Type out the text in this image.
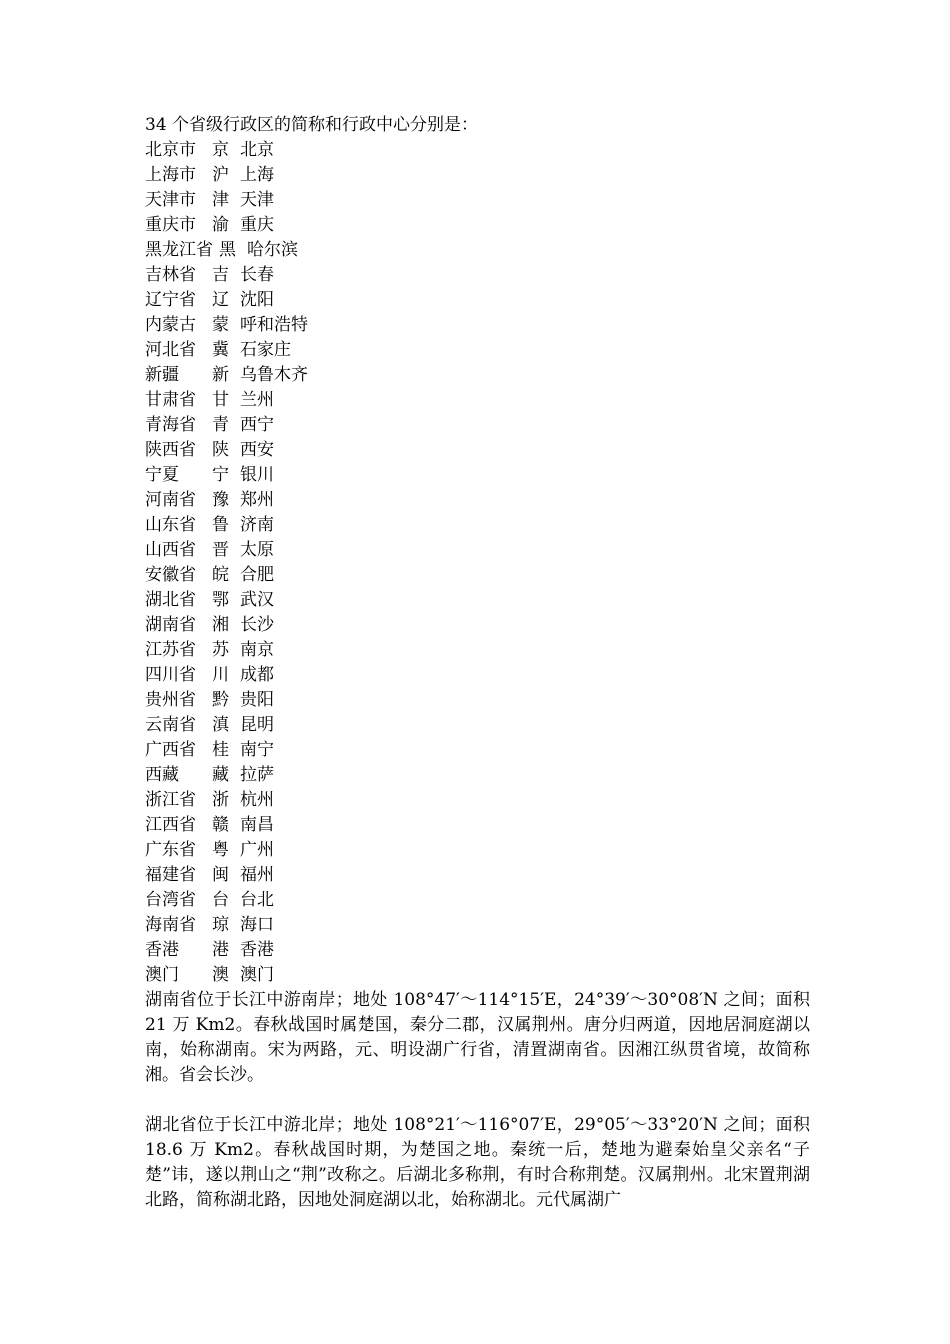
34 个省级行政区的简称和行政中心分别是：

北京市 京 北京
上海市 沪 上海
天津市 津 天津
重庆市 渝 重庆
黑龙江省 黑 哈尔滨
吉林省 吉 长春
辽宁省 辽 沈阳
内蒙古 蒙 呼和浩特
河北省 冀 石家庄
新疆	新 乌鲁木齐
甘肃省 甘 兰州
青海省 青 西宁
陕西省 陕 西安
宁夏	宁 银川
河南省 豫 郑州
山东省 鲁 济南
山西省 晋 太原
安徽省 皖 合肥
湖北省 鄂 武汉
湖南省 湘 长沙
江苏省 苏 南京
四川省 川 成都
贵州省 黔 贵阳
云南省 滇 昆明
广西省 桂 南宁
西藏	藏 拉萨
浙江省 浙 杭州
江西省 赣 南昌
广东省 粤 广州
福建省 闽 福州
台湾省 台 台北
海南省 琼 海口
香港	港 香港
澳门	澳 澳门

湖南省位于长江中游南岸；地处 108°47′～114°15′E，24°39′～30°08′N 之间；面积 21 万 Km2。春秋战国时属楚国，秦分二郡，汉属荆州。唐分归两道，因地居洞庭湖以南，始称湖南。宋为两路，元、明设湖广行省，清置湖南省。因湘江纵贯省境，故简称湘。省会长沙。

湖北省位于长江中游北岸；地处 108°21′～116°07′E，29°05′～33°20′N 之间；面积 18.6 万 Km2。春秋战国时期，为楚国之地。秦统一后，楚地为避秦始皇父亲名“子楚”讳，遂以荆山之“荆”改称之。后湖北多称荆，有时合称荆楚。汉属荆州。北宋置荆湖北路，简称湖北路，因地处洞庭湖以北，始称湖北。元代属湖广
